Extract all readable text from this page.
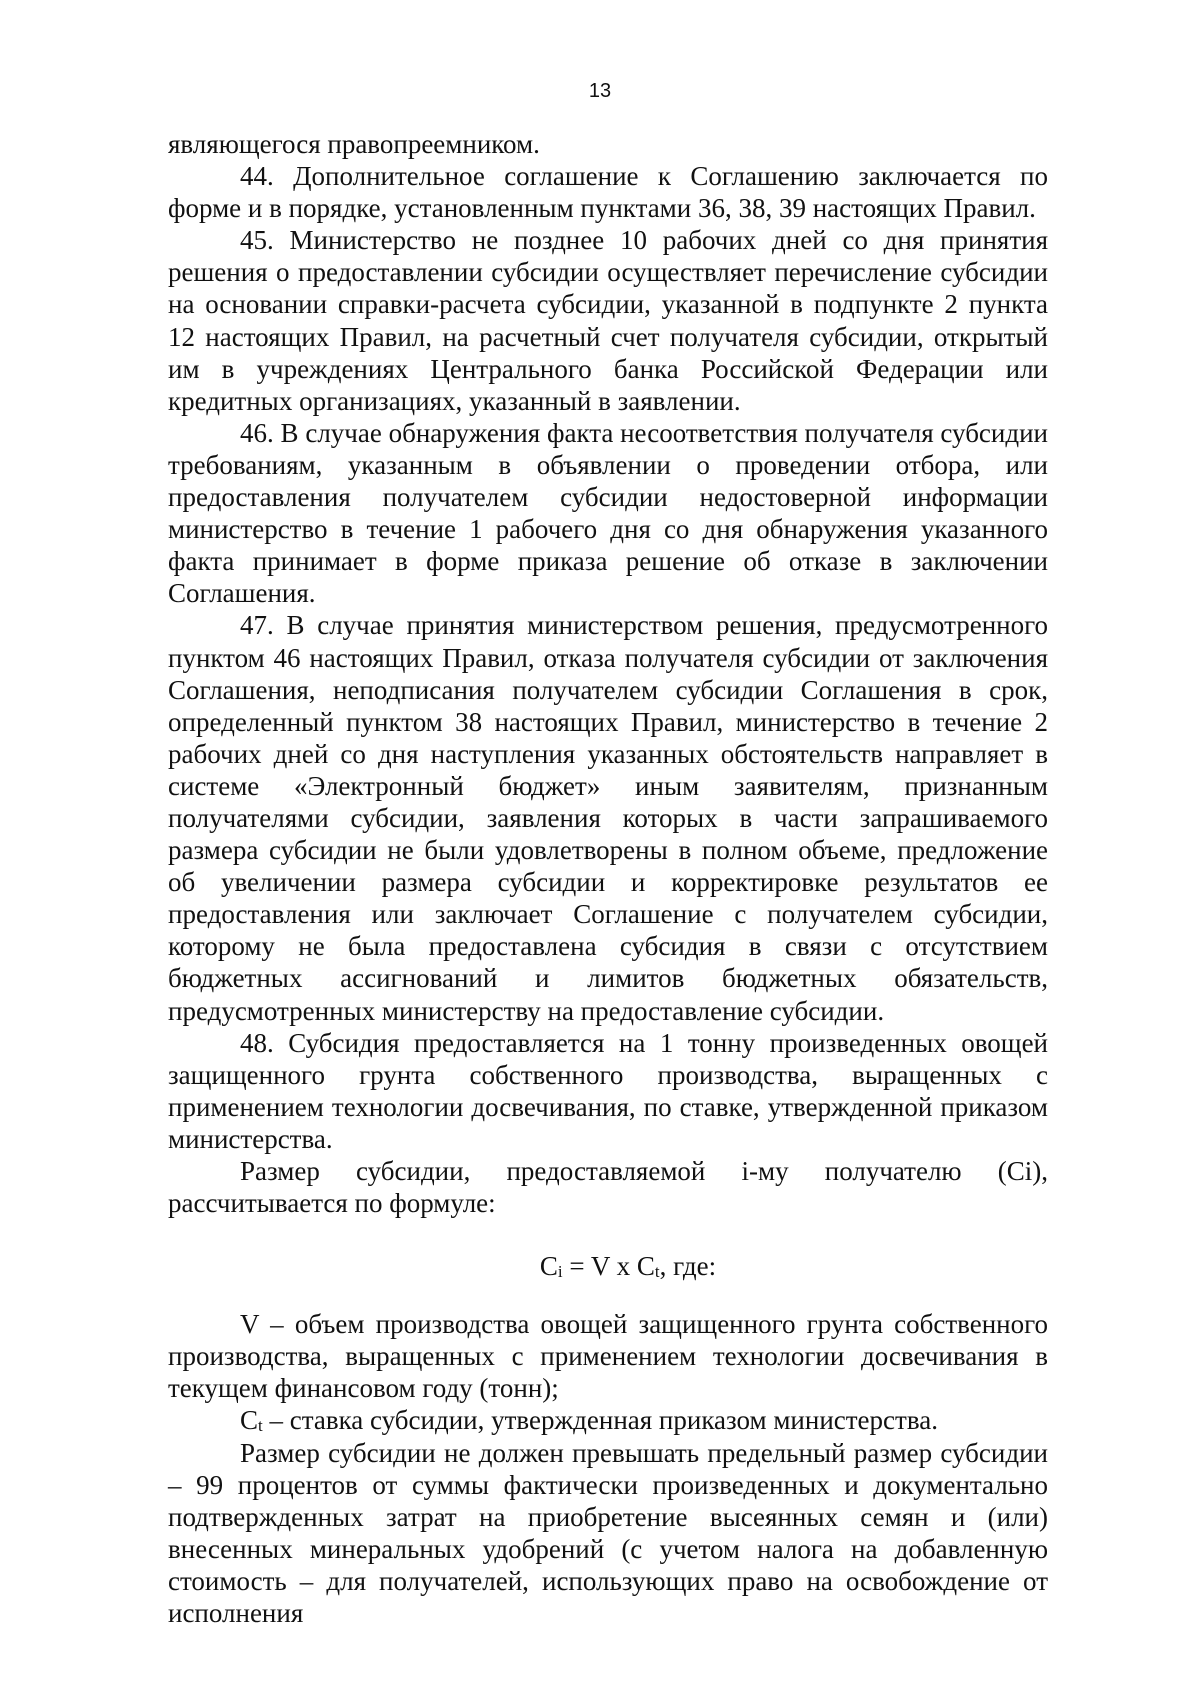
13

являющегося правопреемником.

44. Дополнительное соглашение к Соглашению заключается по форме и в порядке, установленным пунктами 36, 38, 39 настоящих Правил.

45. Министерство не позднее 10 рабочих дней со дня принятия решения о предоставлении субсидии осуществляет перечисление субсидии на основании справки-расчета субсидии, указанной в подпункте 2 пункта 12 настоящих Правил, на расчетный счет получателя субсидии, открытый им в учреждениях Центрального банка Российской Федерации или кредитных организациях, указанный в заявлении.

46. В случае обнаружения факта несоответствия получателя субсидии требованиям, указанным в объявлении о проведении отбора, или предоставления получателем субсидии недостоверной информации министерство в течение 1 рабочего дня со дня обнаружения указанного факта принимает в форме приказа решение об отказе в заключении Соглашения.

47. В случае принятия министерством решения, предусмотренного пунктом 46 настоящих Правил, отказа получателя субсидии от заключения Соглашения, неподписания получателем субсидии Соглашения в срок, определенный пунктом 38 настоящих Правил, министерство в течение 2 рабочих дней со дня наступления указанных обстоятельств направляет в системе «Электронный бюджет» иным заявителям, признанным получателями субсидии, заявления которых в части запрашиваемого размера субсидии не были удовлетворены в полном объеме, предложение об увеличении размера субсидии и корректировке результатов ее предоставления или заключает Соглашение с получателем субсидии, которому не была предоставлена субсидия в связи с отсутствием бюджетных ассигнований и лимитов бюджетных обязательств, предусмотренных министерству на предоставление субсидии.

48. Субсидия предоставляется на 1 тонну произведенных овощей защищенного грунта собственного производства, выращенных с применением технологии досвечивания, по ставке, утвержденной приказом министерства.

Размер субсидии, предоставляемой i-му получателю (Сi), рассчитывается по формуле:

$C_i = V$ x $C_t$, где:

V – объем производства овощей защищенного грунта собственного производства, выращенных с применением технологии досвечивания в текущем финансовом году (тонн);

$C_t$ – ставка субсидии, утвержденная приказом министерства.

Размер субсидии не должен превышать предельный размер субсидии – 99 процентов от суммы фактически произведенных и документально подтвержденных затрат на приобретение высеянных семян и (или) внесенных минеральных удобрений (с учетом налога на добавленную стоимость – для получателей, использующих право на освобождение от исполнения
